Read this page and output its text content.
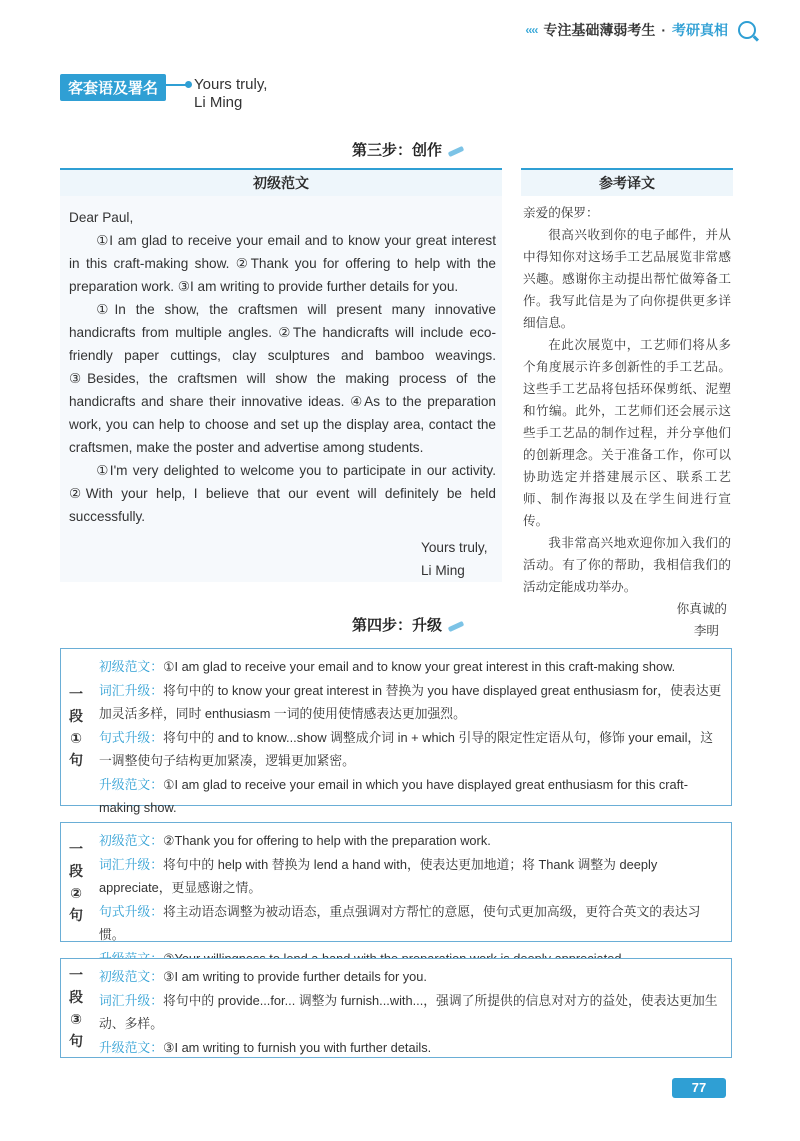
‹‹‹‹ 专注基础薄弱考生 · 考研真相
客套语及署名	Yours truly,
Li Ming
第三步：创作
初级范文

Dear Paul,

①I am glad to receive your email and to know your great interest in this craft-making show. ②Thank you for offering to help with the preparation work. ③I am writing to provide further details for you.

①In the show, the craftsmen will present many innovative handicrafts from multiple angles. ②The handicrafts will include eco-friendly paper cuttings, clay sculptures and bamboo weavings. ③Besides, the craftsmen will show the making process of the handicrafts and share their innovative ideas. ④As to the preparation work, you can help to choose and set up the display area, contact the craftsmen, make the poster and advertise among students.

①I'm very delighted to welcome you to participate in our activity. ②With your help, I believe that our event will definitely be held successfully.

Yours truly,
Li Ming
参考译文

亲爱的保罗：

很高兴收到你的电子邮件，并从中得知你对这场手工艺品展览非常感兴趣。感谢你主动提出帮忙做筹备工作。我写此信是为了向你提供更多详细信息。

在此次展览中，工艺师们将从多个角度展示许多创新性的手工艺品。这些手工艺品将包括环保剪纸、泥塑和竹编。此外，工艺师们还会展示这些手工艺品的制作过程，并分享他们的创新理念。关于准备工作，你可以协助选定并搭建展示区、联系工艺师、制作海报以及在学生间进行宣传。

我非常高兴地欢迎你加入我们的活动。有了你的帮助，我相信我们的活动定能成功举办。

你真诚的
李明
第四步：升级
一
段
①
句
初级范文：①I am glad to receive your email and to know your great interest in this craft-making show.
词汇升级：将句中的 to know your great interest in 替换为 you have displayed great enthusiasm for，使表达更加灵活多样，同时 enthusiasm 一词的使用使情感表达更加强烈。
句式升级：将句中的 and to know...show 调整成介词 in + which 引导的限定性定语从句，修饰 your email，这一调整使句子结构更加紧凑，逻辑更加紧密。
升级范文：①I am glad to receive your email in which you have displayed great enthusiasm for this craft-making show.
一
段
②
句
初级范文：②Thank you for offering to help with the preparation work.
词汇升级：将句中的 help with 替换为 lend a hand with，使表达更加地道；将 Thank 调整为 deeply appreciate，更显感谢之情。
句式升级：将主动语态调整为被动语态，重点强调对方帮忙的意愿，使句式更加高级，更符合英文的表达习惯。
一
段
③
句
初级范文：③I am writing to provide further details for you.
词汇升级：将句中的 provide...for... 调整为 furnish...with...，强调了所提供的信息对对方的益处，使表达更加生动、多样。
升级范文：③I am writing to furnish you with further details.
77
